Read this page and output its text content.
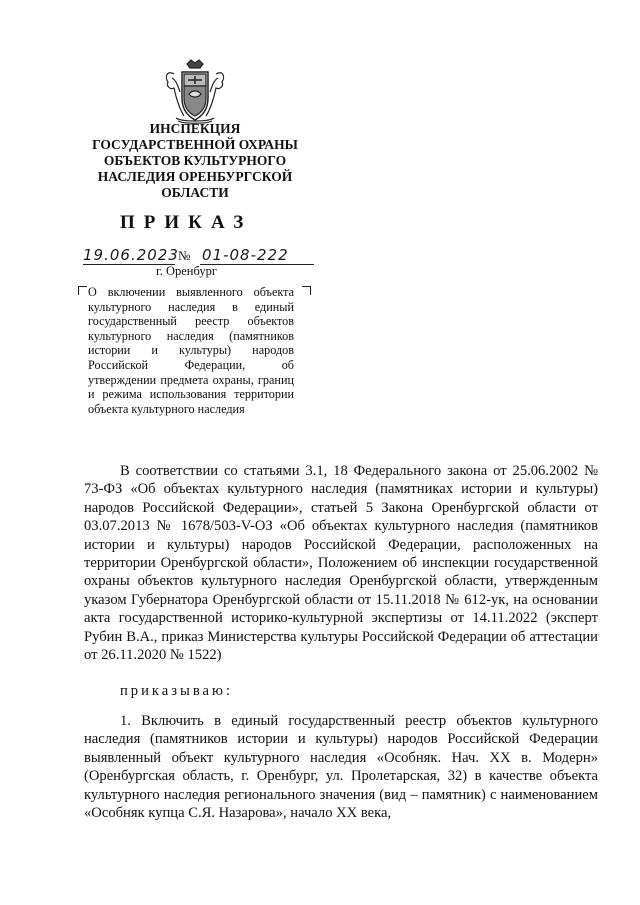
ИНСПЕКЦИЯ
ГОСУДАРСТВЕННОЙ ОХРАНЫ
ОБЪЕКТОВ КУЛЬТУРНОГО
НАСЛЕДИЯ ОРЕНБУРГСКОЙ
ОБЛАСТИ
ПРИКАЗ
19.06.2023 № 01-08-222
г. Оренбург
О включении выявленного объекта культурного наследия в единый государственный реестр объектов культурного наследия (памятников истории и культуры) народов Российской Федерации, об утверждении предмета охраны, границ и режима использования территории объекта культурного наследия
В соответствии со статьями 3.1, 18 Федерального закона от 25.06.2002 № 73-ФЗ «Об объектах культурного наследия (памятниках истории и культуры) народов Российской Федерации», статьей 5 Закона Оренбургской области от 03.07.2013 № 1678/503-V-ОЗ «Об объектах культурного наследия (памятников истории и культуры) народов Российской Федерации, расположенных на территории Оренбургской области», Положением об инспекции государственной охраны объектов культурного наследия Оренбургской области, утвержденным указом Губернатора Оренбургской области от 15.11.2018 № 612-ук, на основании акта государственной историко-культурной экспертизы от 14.11.2022 (эксперт Рубин В.А., приказ Министерства культуры Российской Федерации об аттестации от 26.11.2020 № 1522)
приказываю:
1. Включить в единый государственный реестр объектов культурного наследия (памятников истории и культуры) народов Российской Федерации выявленный объект культурного наследия «Особняк. Нач. XX в. Модерн» (Оренбургская область, г. Оренбург, ул. Пролетарская, 32) в качестве объекта культурного наследия регионального значения (вид – памятник) с наименованием «Особняк купца С.Я. Назарова», начало XX века,
